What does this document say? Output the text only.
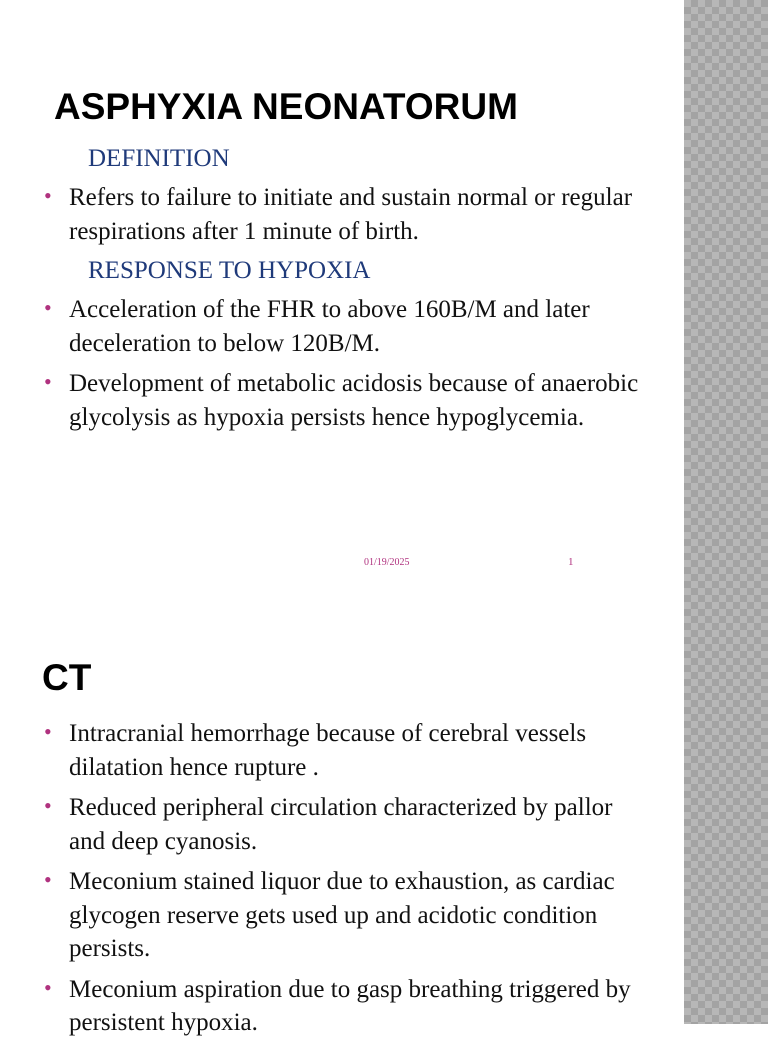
ASPHYXIA NEONATORUM
DEFINITION
• Refers to failure to initiate and sustain normal or regular respirations after 1 minute of birth.
RESPONSE TO HYPOXIA
• Acceleration of the FHR to above 160B/M and later deceleration to below 120B/M.
• Development of metabolic acidosis because of anaerobic glycolysis as hypoxia persists hence hypoglycemia.
01/19/2025	1
CT
• Intracranial hemorrhage because of cerebral vessels dilatation hence rupture .
• Reduced peripheral circulation characterized by pallor and deep cyanosis.
• Meconium stained liquor due to exhaustion, as cardiac glycogen reserve gets used up and acidotic condition persists.
• Meconium aspiration due to gasp breathing triggered by persistent hypoxia.
